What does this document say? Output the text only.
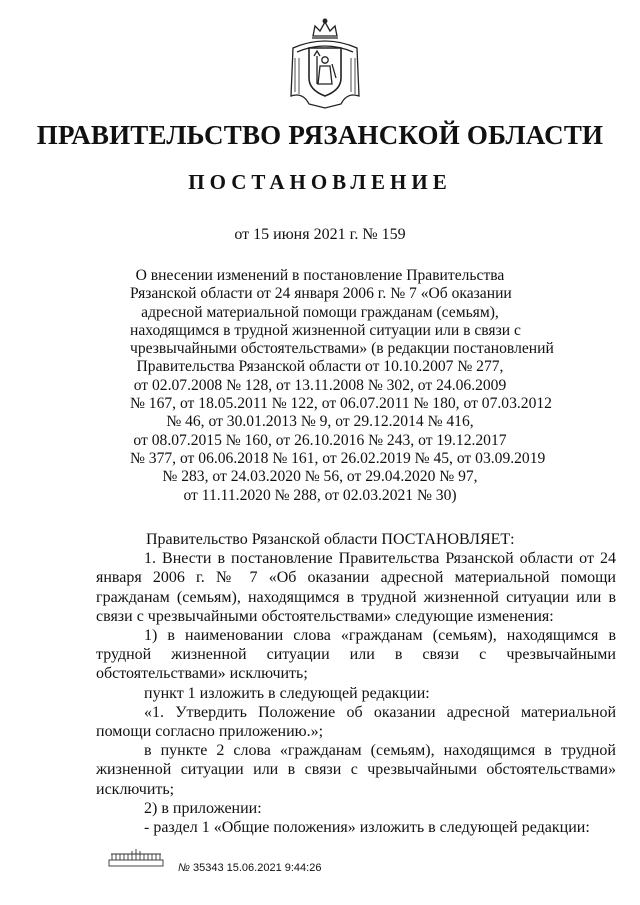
ПРАВИТЕЛЬСТВО РЯЗАНСКОЙ ОБЛАСТИ
ПОСТАНОВЛЕНИЕ
от 15 июня 2021 г. № 159
О внесении изменений в постановление Правительства
Рязанской области от 24 января 2006 г. № 7 «Об оказании
адресной материальной помощи гражданам (семьям),
находящимся в трудной жизненной ситуации или в связи с
чрезвычайными обстоятельствами» (в редакции постановлений
Правительства Рязанской области от 10.10.2007 № 277,
от 02.07.2008 № 128, от 13.11.2008 № 302, от 24.06.2009
№ 167, от 18.05.2011 № 122, от 06.07.2011 № 180, от 07.03.2012
№ 46, от 30.01.2013 № 9, от 29.12.2014 № 416,
от 08.07.2015 № 160, от 26.10.2016 № 243, от 19.12.2017
№ 377, от 06.06.2018 № 161, от 26.02.2019 № 45, от 03.09.2019
№ 283, от 24.03.2020 № 56, от 29.04.2020 № 97,
от 11.11.2020 № 288, от 02.03.2021 № 30)

Правительство Рязанской области ПОСТАНОВЛЯЕТ:

1. Внести в постановление Правительства Рязанской области от 24 января 2006 г. № 7 «Об оказании адресной материальной помощи гражданам (семьям), находящимся в трудной жизненной ситуации или в связи с чрезвычайными обстоятельствами» следующие изменения:

1) в наименовании слова «гражданам (семьям), находящимся в трудной жизненной ситуации или в связи с чрезвычайными обстоятельствами» исключить;

пункт 1 изложить в следующей редакции:

«1. Утвердить Положение об оказании адресной материальной помощи согласно приложению.»;

в пункте 2 слова «гражданам (семьям), находящимся в трудной жизненной ситуации или в связи с чрезвычайными обстоятельствами» исключить;

2) в приложении:

- раздел 1 «Общие положения» изложить в следующей редакции:

№ 35343 15.06.2021 9:44:26
